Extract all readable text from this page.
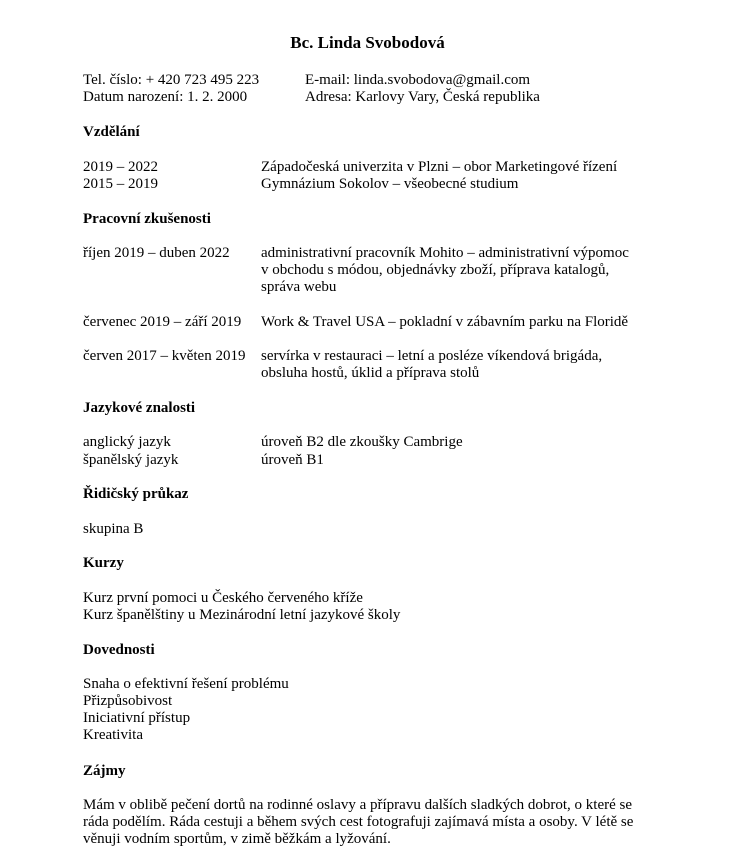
Bc. Linda Svobodová
Tel. číslo: + 420 723 495 223	E-mail: linda.svobodova@gmail.com
Datum narození: 1. 2. 2000	Adresa: Karlovy Vary, Česká republika
Vzdělání
2019 – 2022	Západočeská univerzita v Plzni – obor Marketingové řízení
2015 – 2019	Gymnázium Sokolov – všeobecné studium
Pracovní zkušenosti
říjen 2019 – duben 2022	administrativní pracovník Mohito – administrativní výpomoc v obchodu s módou, objednávky zboží, příprava katalogů, správa webu
červenec 2019 – září 2019	Work & Travel USA – pokladní v zábavním parku na Floridě
červen 2017 – květen 2019	servírka v restauraci – letní a posléze víkendová brigáda, obsluha hostů, úklid a příprava stolů
Jazykové znalosti
anglický jazyk	úroveň B2 dle zkoušky Cambrige
španělský jazyk	úroveň B1
Řidičský průkaz
skupina B
Kurzy
Kurz první pomoci u Českého červeného kříže
Kurz španělštiny u Mezinárodní letní jazykové školy
Dovednosti
Snaha o efektivní řešení problému
Přizpůsobivost
Iniciativní přístup
Kreativita
Zájmy
Mám v oblibě pečení dortů na rodinné oslavy a přípravu dalších sladkých dobrot, o které se ráda podělím. Ráda cestuji a během svých cest fotografuji zajímavá místa a osoby. V létě se věnuji vodním sportům, v zimě běžkám a lyžování.
